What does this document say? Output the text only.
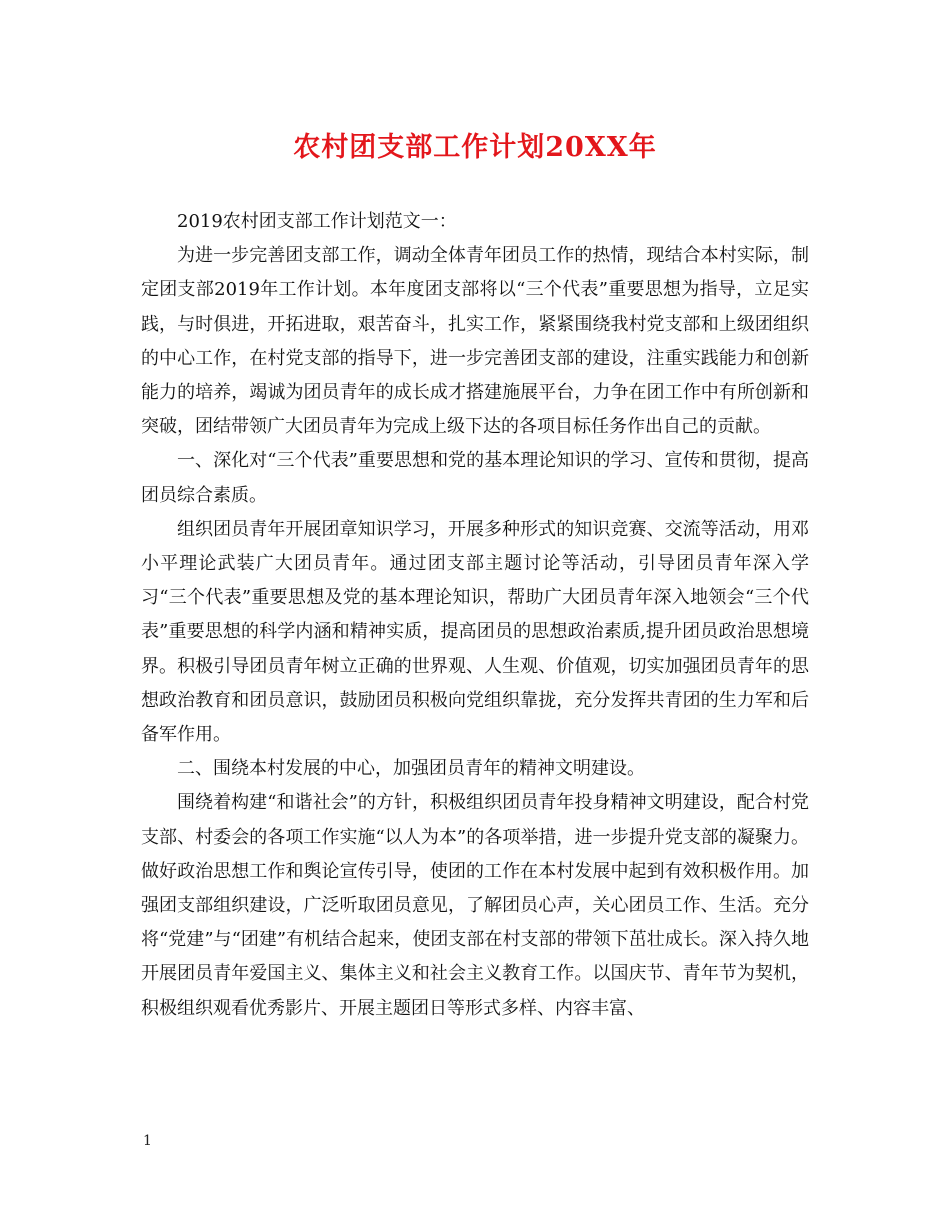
农村团支部工作计划20XX年

2019农村团支部工作计划范文一：

为进一步完善团支部工作，调动全体青年团员工作的热情，现结合本村实际，制定团支部2019年工作计划。本年度团支部将以“三个代表”重要思想为指导，立足实践，与时俱进，开拓进取，艰苦奋斗，扎实工作，紧紧围绕我村党支部和上级团组织的中心工作，在村党支部的指导下，进一步完善团支部的建设，注重实践能力和创新能力的培养，竭诚为团员青年的成长成才搭建施展平台，力争在团工作中有所创新和突破，团结带领广大团员青年为完成上级下达的各项目标任务作出自己的贡献。

一、深化对“三个代表”重要思想和党的基本理论知识的学习、宣传和贯彻，提高团员综合素质。

组织团员青年开展团章知识学习，开展多种形式的知识竞赛、交流等活动，用邓小平理论武装广大团员青年。通过团支部主题讨论等活动，引导团员青年深入学习“三个代表”重要思想及党的基本理论知识，帮助广大团员青年深入地领会“三个代表”重要思想的科学内涵和精神实质，提高团员的思想政治素质,提升团员政治思想境界。积极引导团员青年树立正确的世界观、人生观、价值观，切实加强团员青年的思想政治教育和团员意识，鼓励团员积极向党组织靠拢，充分发挥共青团的生力军和后备军作用。

二、围绕本村发展的中心，加强团员青年的精神文明建设。

围绕着构建“和谐社会”的方针，积极组织团员青年投身精神文明建设，配合村党支部、村委会的各项工作实施“以人为本”的各项举措，进一步提升党支部的凝聚力。做好政治思想工作和舆论宣传引导，使团的工作在本村发展中起到有效积极作用。加强团支部组织建设，广泛听取团员意见，了解团员心声，关心团员工作、生活。充分将“党建”与“团建”有机结合起来，使团支部在村支部的带领下茁壮成长。深入持久地开展团员青年爱国主义、集体主义和社会主义教育工作。以国庆节、青年节为契机，积极组织观看优秀影片、开展主题团日等形式多样、内容丰富、

1
